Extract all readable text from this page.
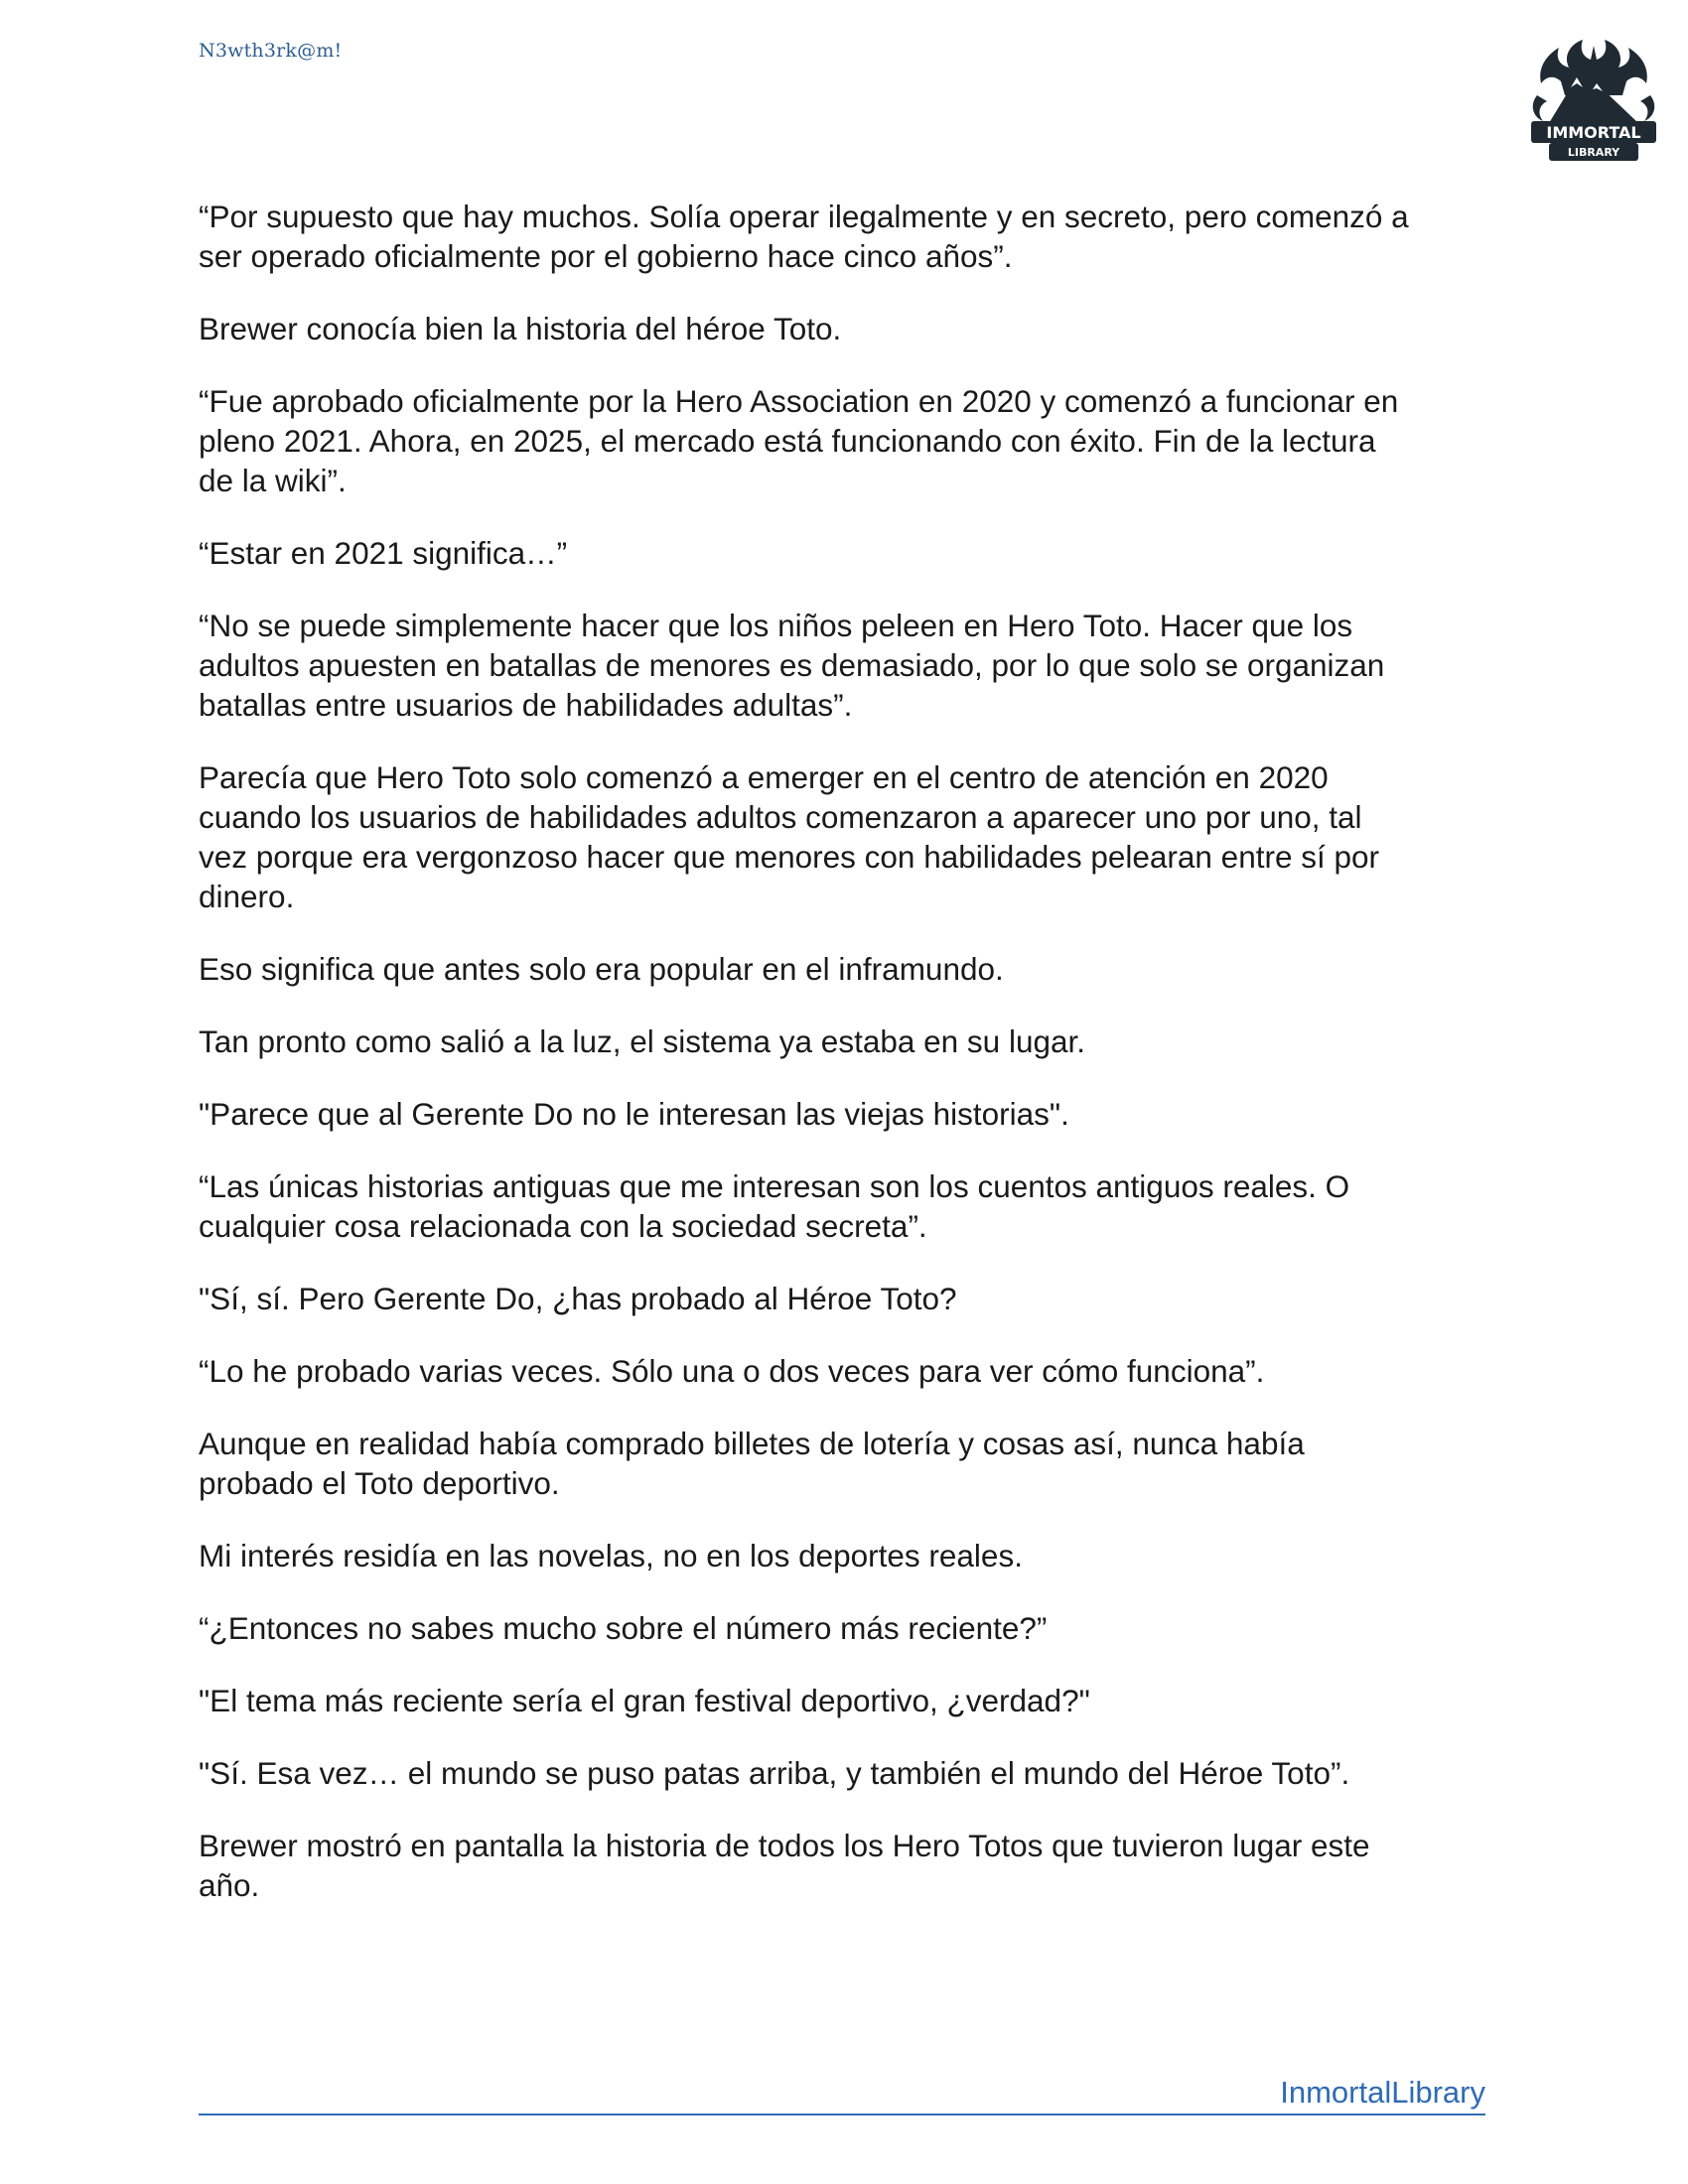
N3wth3rk@m!
IMMORTAL
LIBRARY

“Por supuesto que hay muchos. Solía operar ilegalmente y en secreto, pero comenzó a
ser operado oficialmente por el gobierno hace cinco años”.

Brewer conocía bien la historia del héroe Toto.

“Fue aprobado oficialmente por la Hero Association en 2020 y comenzó a funcionar en
pleno 2021. Ahora, en 2025, el mercado está funcionando con éxito. Fin de la lectura
de la wiki”.

“Estar en 2021 significa…”

“No se puede simplemente hacer que los niños peleen en Hero Toto. Hacer que los
adultos apuesten en batallas de menores es demasiado, por lo que solo se organizan
batallas entre usuarios de habilidades adultas”.

Parecía que Hero Toto solo comenzó a emerger en el centro de atención en 2020
cuando los usuarios de habilidades adultos comenzaron a aparecer uno por uno, tal
vez porque era vergonzoso hacer que menores con habilidades pelearan entre sí por
dinero.

Eso significa que antes solo era popular en el inframundo.

Tan pronto como salió a la luz, el sistema ya estaba en su lugar.

"Parece que al Gerente Do no le interesan las viejas historias".

“Las únicas historias antiguas que me interesan son los cuentos antiguos reales. O
cualquier cosa relacionada con la sociedad secreta”.

"Sí, sí. Pero Gerente Do, ¿has probado al Héroe Toto?

“Lo he probado varias veces. Sólo una o dos veces para ver cómo funciona”.

Aunque en realidad había comprado billetes de lotería y cosas así, nunca había
probado el Toto deportivo.

Mi interés residía en las novelas, no en los deportes reales.

“¿Entonces no sabes mucho sobre el número más reciente?”

"El tema más reciente sería el gran festival deportivo, ¿verdad?"

"Sí. Esa vez… el mundo se puso patas arriba, y también el mundo del Héroe Toto”.

Brewer mostró en pantalla la historia de todos los Hero Totos que tuvieron lugar este
año.

InmortalLibrary
